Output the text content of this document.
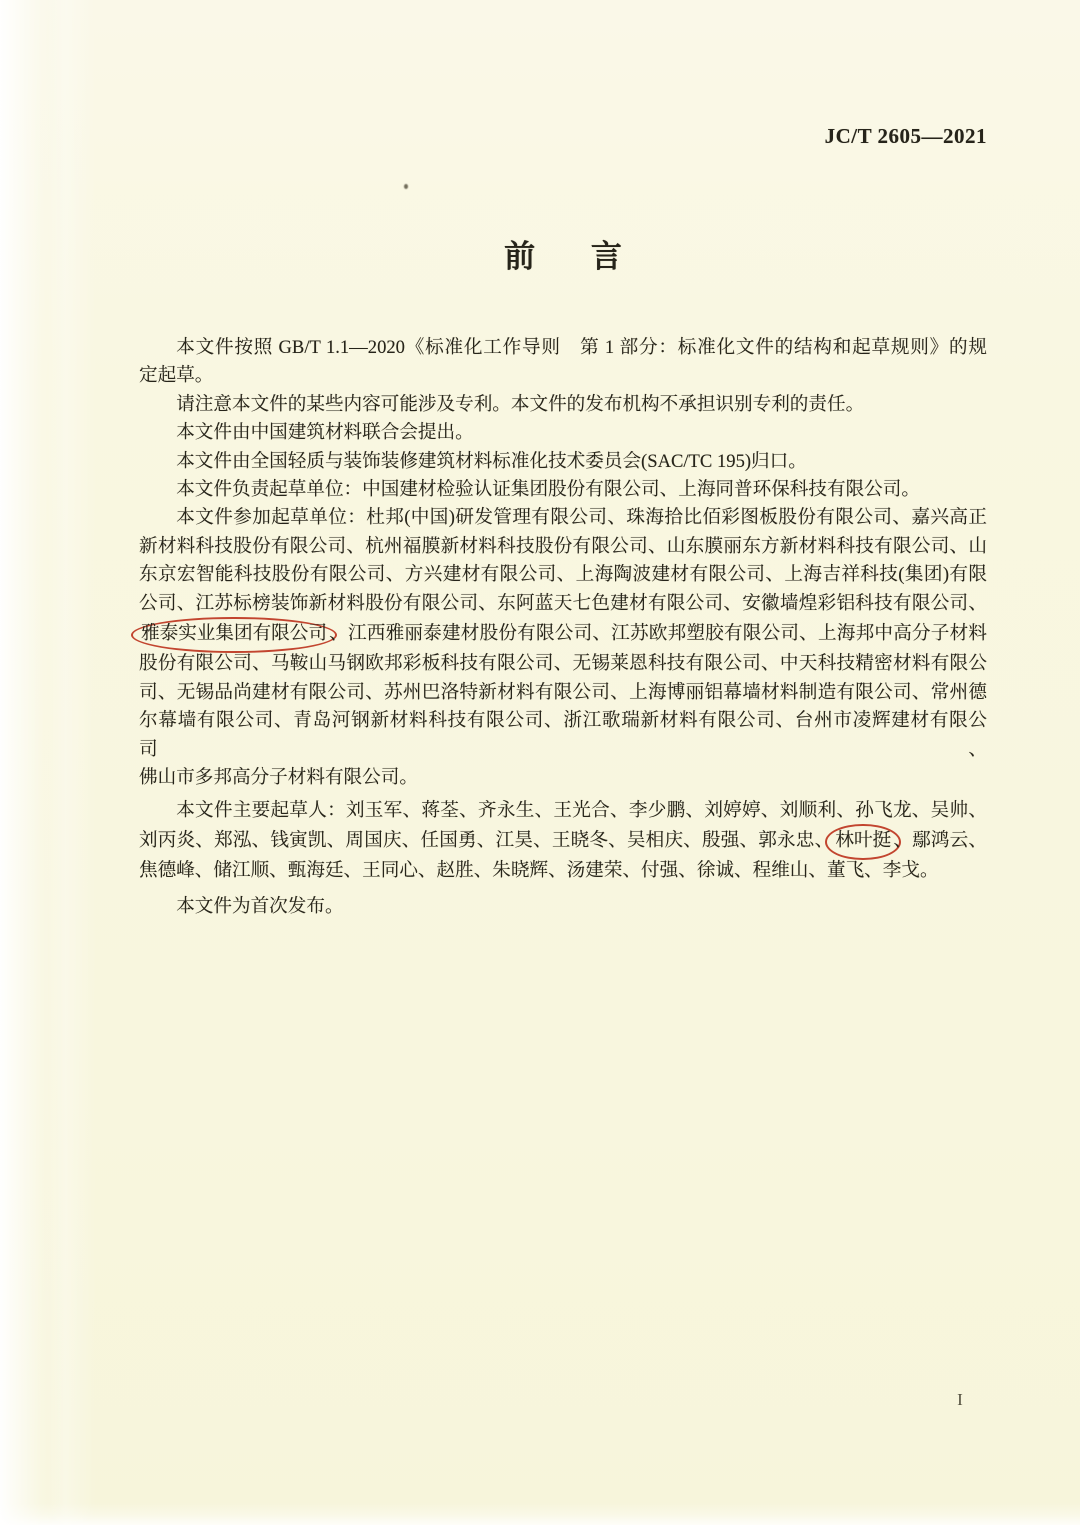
JC/T 2605—2021
前言
本文件按照 GB/T 1.1—2020《标准化工作导则　第 1 部分：标准化文件的结构和起草规则》的规
定起草。
请注意本文件的某些内容可能涉及专利。本文件的发布机构不承担识别专利的责任。
本文件由中国建筑材料联合会提出。
本文件由全国轻质与装饰装修建筑材料标准化技术委员会(SAC/TC 195)归口。
本文件负责起草单位：中国建材检验认证集团股份有限公司、上海同普环保科技有限公司。
本文件参加起草单位：杜邦(中国)研发管理有限公司、珠海拾比佰彩图板股份有限公司、嘉兴高正
新材料科技股份有限公司、杭州福膜新材料科技股份有限公司、山东膜丽东方新材料科技有限公司、山
东京宏智能科技股份有限公司、方兴建材有限公司、上海陶波建材有限公司、上海吉祥科技(集团)有限
公司、江苏标榜装饰新材料股份有限公司、东阿蓝天七色建材有限公司、安徽墙煌彩铝科技有限公司、
雅泰实业集团有限公司 、江西雅丽泰建材股份有限公司、江苏欧邦塑胶有限公司、上海邦中高分子材料
股份有限公司、马鞍山马钢欧邦彩板科技有限公司、无锡莱恩科技有限公司、中天科技精密材料有限公
司、无锡品尚建材有限公司、苏州巴洛特新材料有限公司、上海博丽铝幕墙材料制造有限公司、常州德
尔幕墙有限公司、青岛河钢新材料科技有限公司、浙江歌瑞新材料有限公司、台州市凌辉建材有限公司、
佛山市多邦高分子材料有限公司。
本文件主要起草人：刘玉军、蒋荃、齐永生、王光合、李少鹏、刘婷婷、刘顺利、孙飞龙、吴帅、
刘丙炎、郑泓、钱寅凯、周国庆、任国勇、江昊、王晓冬、吴相庆、殷强、郭永忠、 林叶挺 、鄢鸿云、
焦德峰、储江顺、甄海廷、王同心、赵胜、朱晓辉、汤建荣、付强、徐诚、程维山、董飞、李戈。
本文件为首次发布。
I
